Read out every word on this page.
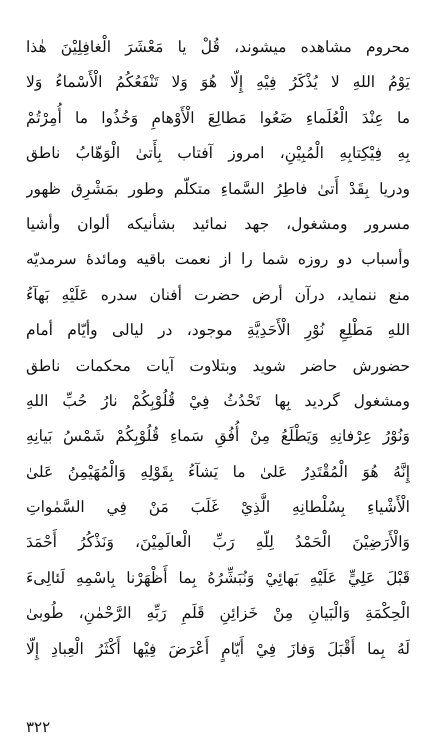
محروم مشاهده میشوند، قُلْ یا مَعْشَرَ الْغافِلِیْنَ هٰذا
یَوْمُ اللهِ لا یُذْکَرُ فِیْهِ إِلّا هُوَ وَلا تَنْفَعُکُمُ الْأَسْماءُ وَلا
ما عِنْدَ الْعُلَماءِ ضَعُوا مَطالِعَ الْأَوْهامِ وَخُذُوا ما أُمِرْتُمْ
بِهِ فِیْکِتابِهِ الْمُبِیْنِ، امروز آفتاب بِأَتیٰ الْوَهّابُ ناطق
ودریا بِقَدْ أَتیٰ فاطِرُ السَّماءِ متکلّم وطور بمَشْرِق ظهور
مسرور ومشغول، جهد نمائید بشأنیکه ألوان وأشیا
وأسباب دو روزه شما را از نعمت باقیه ومائدهٔ سرمدیّه
منع ننماید، درآن أرض حضرت أفنان سدره عَلَیْهِ بَهآءُ
اللهِ مَطْلِعِ نُوْرِ الْأَحَدِیَّةِ موجود، در لیالی وأیّام أمام
حضورش حاضر شوید وبتلاوت آیات محکمات ناطق
ومشغول گردید بِها تَحْدُثُ فِيْ قُلُوْبِکُمْ نارُ حُبِّ اللهِ
وَنُوْرُ عِرْفانِهِ وَیَطْلَعُ مِنْ أُفُقِ سَماءِ قُلُوْبِکُمْ شَمْسُ بَیانِهِ
إِنَّهُ هُوَ الْمُقْتَدِرُ عَلیٰ ما یَشآءُ بِقَوْلِهِ وَالْمُهَیْمِنُ عَلیٰ
الْأَشْیاءِ بِسُلْطانِهِ الَّذِيْ غَلَبَ مَنْ فِي السَّمٰواتِ
وَالْأَرَضِیْنَ الْحَمْدُ لِلّهِ رَبِّ الْعالَمِیْنَ، وَنَذْکُرُ أَحْمَدَ
قَبْلَ عَلِيٍّ عَلَیْهِ بَهائِيْ وَنُبَشِّرُهُ بِما أَظْهَرْنا بِاسْمِهِ لَئالِیءَ
الْحِکْمَةِ وَالْبَیانِ مِنْ خَزائِنِ قَلَمِ رَبِّهِ الرَّحْمٰنِ، طُوبیٰ
لَهُ بِما أَقْبَلَ وَفازَ فِيْ أَیّامٍ أَعْرَضَ فِیْها أَکْثَرُ الْعِبادِ إِلّا
۳۲۲
